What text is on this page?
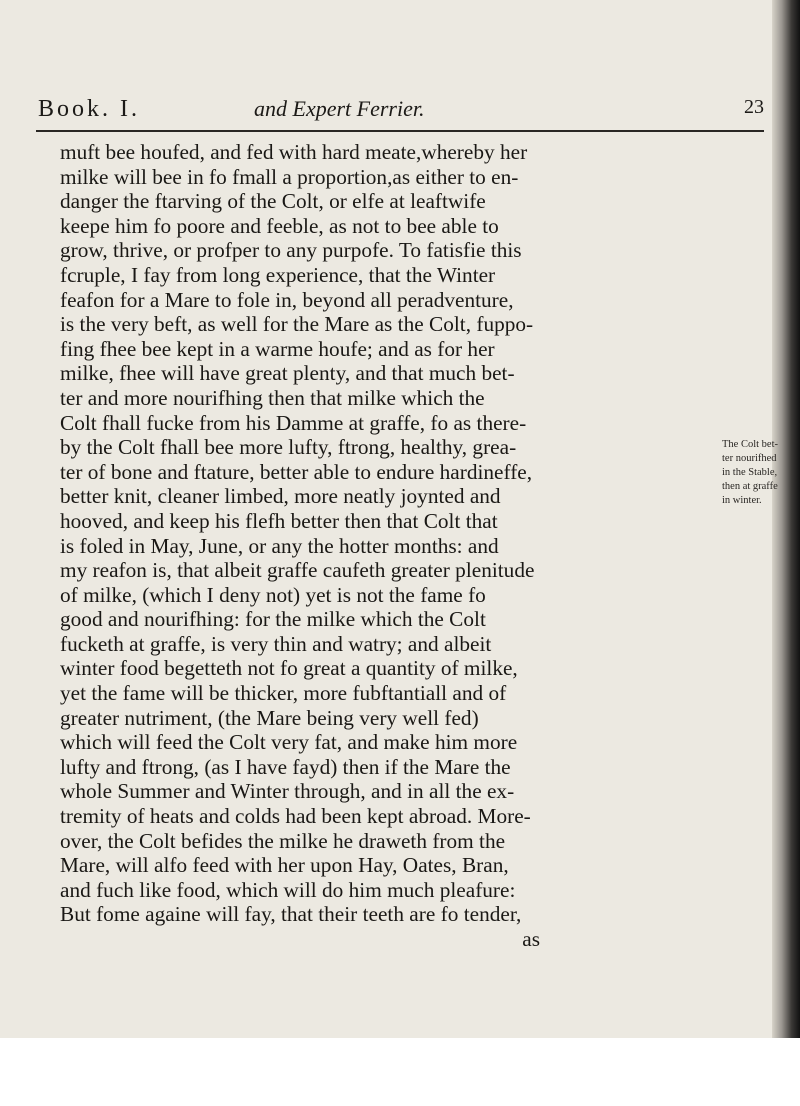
Book. I.	and Expert Ferrier.	23
muft bee houfed, and fed with hard meate,whereby her
milke will bee in fo fmall a proportion,as either to en-
danger the ftarving of the Colt, or elfe at leaftwife
keepe him fo poore and feeble, as not to bee able to
grow, thrive, or profper to any purpofe. To fatisfie this
fcruple, I fay from long experience, that the Winter
feafon for a Mare to fole in, beyond all peradventure,
is the very beft, as well for the Mare as the Colt, fuppo-
fing fhee bee kept in a warme houfe; and as for her
milke, fhee will have great plenty, and that much bet-
ter and more nourifhing then that milke which the
Colt fhall fucke from his Damme at graffe, fo as there-
by the Colt fhall bee more lufty, ftrong, healthy, grea-
ter of bone and ftature, better able to endure hardineffe,
better knit, cleaner limbed, more neatly joynted and
hooved, and keep his flefh better then that Colt that
is foled in May, June, or any the hotter months: and
my reafon is, that albeit graffe caufeth greater plenitude
of milke, (which I deny not) yet is not the fame fo
good and nourifhing: for the milke which the Colt
fucketh at graffe, is very thin and watry; and albeit
winter food begetteth not fo great a quantity of milke,
yet the fame will be thicker, more fubftantiall and of
greater nutriment, (the Mare being very well fed)
which will feed the Colt very fat, and make him more
lufty and ftrong, (as I have fayd) then if the Mare the
whole Summer and Winter through, and in all the ex-
tremity of heats and colds had been kept abroad. More-
over, the Colt befides the milke he draweth from the
Mare, will alfo feed with her upon Hay, Oates, Bran,
and fuch like food, which will do him much pleafure:
But fome againe will fay, that their teeth are fo tender,
as
The Colt bet-
ter nourifhed
in the Stable,
then at graffe
in winter.
